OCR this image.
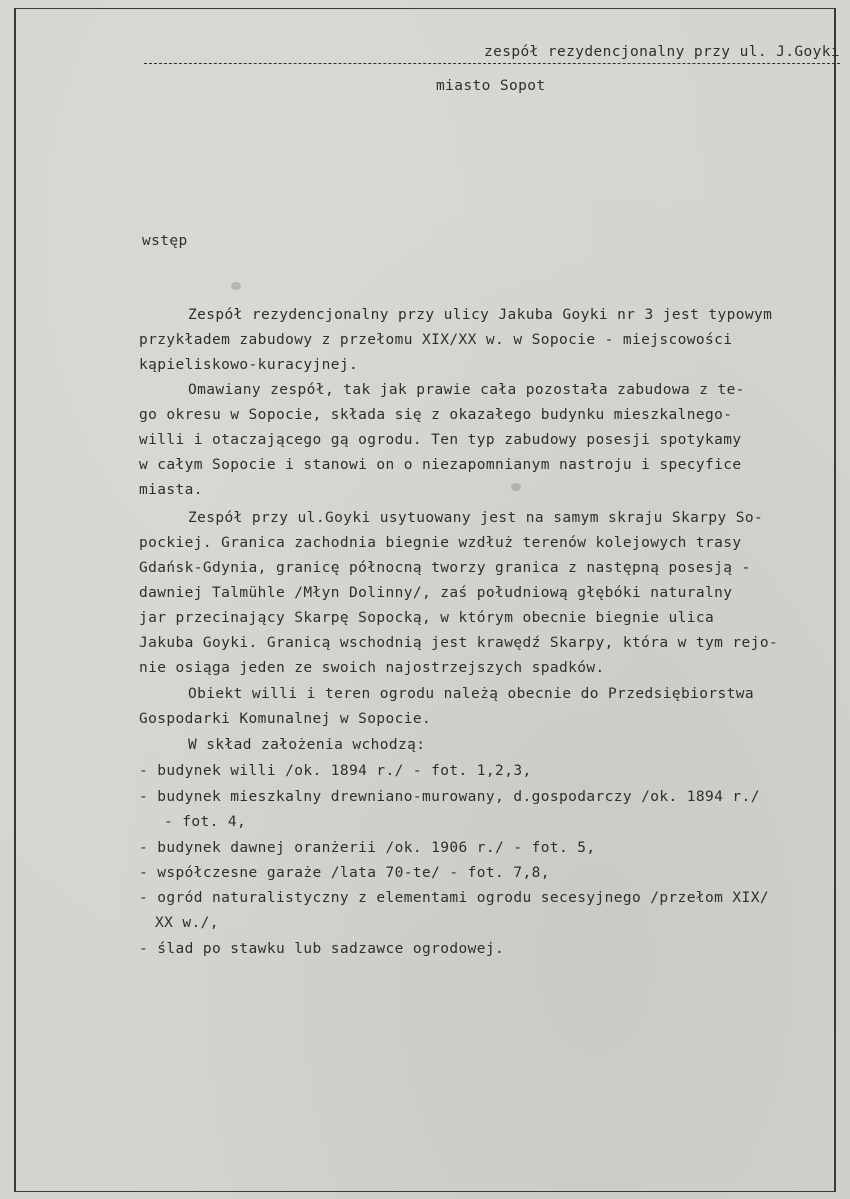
zespół rezydencjonalny przy ul. J.Goyki
miasto Sopot
wstęp
Zespół rezydencjonalny przy ulicy Jakuba Goyki nr 3 jest typowym
przykładem zabudowy z przełomu XIX/XX w. w Sopocie - miejscowości
kąpieliskowo-kuracyjnej.
Omawiany zespół, tak jak prawie cała pozostała zabudowa z te-
go okresu w Sopocie, składa się z okazałego budynku mieszkalnego-
willi i otaczającego gą ogrodu. Ten typ zabudowy posesji spotykamy
w całym Sopocie i stanowi on o niezapomnianym nastroju i specyfice
miasta.
Zespół przy ul.Goyki usytuowany jest na samym skraju Skarpy So-
pockiej. Granica zachodnia biegnie wzdłuż terenów kolejowych trasy
Gdańsk-Gdynia, granicę północną tworzy granica z następną posesją -
dawniej Talmühle /Młyn Dolinny/, zaś południową głębóki naturalny
jar przecinający Skarpę Sopocką, w którym obecnie biegnie ulica
Jakuba Goyki. Granicą wschodnią jest krawędź Skarpy, która w tym rejo-
nie osiąga jeden ze swoich najostrzejszych spadków.
Obiekt willi i teren ogrodu należą obecnie do Przedsiębiorstwa
Gospodarki Komunalnej w Sopocie.
W skład założenia wchodzą:
- budynek willi /ok. 1894 r./ - fot. 1,2,3,
- budynek mieszkalny drewniano-murowany, d.gospodarczy /ok. 1894 r./
- fot. 4,
- budynek dawnej oranżerii /ok. 1906 r./ - fot. 5,
- współczesne garaże /lata 70-te/ - fot. 7,8,
- ogród naturalistyczny z elementami ogrodu secesyjnego /przełom XIX/
XX w./,
- ślad po stawku lub sadzawce ogrodowej.
